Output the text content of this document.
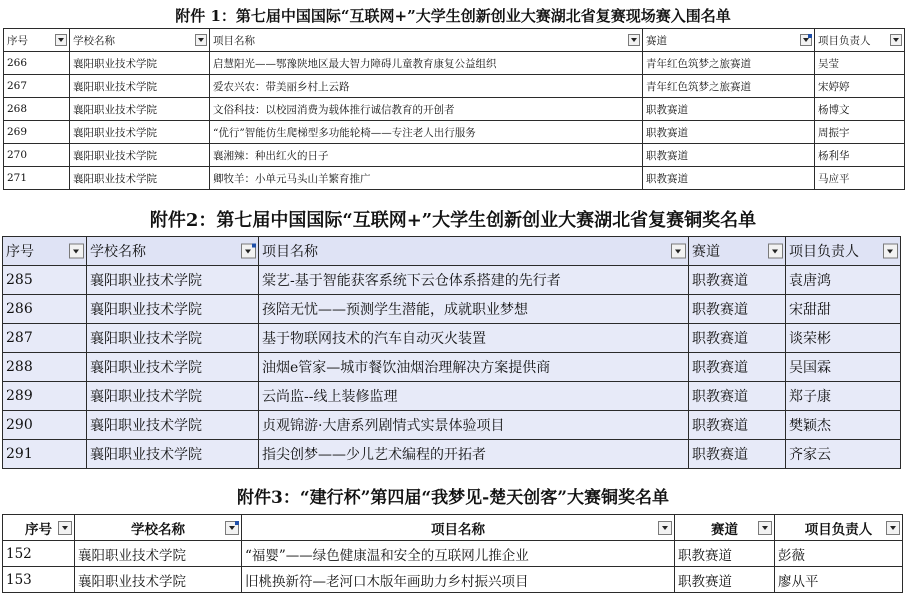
附件 1：第七届中国国际“互联网+”大学生创新创业大赛湖北省复赛现场赛入围名单
序号	学校名称	项目名称	赛道	项目负责人

266	襄阳职业技术学院	启慧阳光——鄂豫陕地区最大智力障碍儿童教育康复公益组织	青年红色筑梦之旅赛道	吴莹
267	襄阳职业技术学院	爱农兴农：带美丽乡村上云路	青年红色筑梦之旅赛道	宋婷婷
268	襄阳职业技术学院	文俗科技：以校园消费为载体推行诚信教育的开创者	职教赛道	杨博文
269	襄阳职业技术学院	“优行”智能仿生爬梯型多功能轮椅——专注老人出行服务	职教赛道	周振宇
270	襄阳职业技术学院	襄湘辣：种出红火的日子	职教赛道	杨利华
271	襄阳职业技术学院	卿牧羊：小单元马头山羊繁育推广	职教赛道	马应平
附件2：第七届中国国际“互联网+”大学生创新创业大赛湖北省复赛铜奖名单
序号	学校名称	项目名称	赛道	项目负责人

285	襄阳职业技术学院	棠艺-基于智能获客系统下云仓体系搭建的先行者	职教赛道	袁唐鸿
286	襄阳职业技术学院	孩陪无忧——预测学生潜能，成就职业梦想	职教赛道	宋甜甜
287	襄阳职业技术学院	基于物联网技术的汽车自动灭火装置	职教赛道	谈荣彬
288	襄阳职业技术学院	油烟e管家—城市餐饮油烟治理解决方案提供商	职教赛道	吴国霖
289	襄阳职业技术学院	云尚监--线上装修监理	职教赛道	郑子康
290	襄阳职业技术学院	贞观锦游·大唐系列剧情式实景体验项目	职教赛道	樊颖杰
291	襄阳职业技术学院	指尖创梦——少儿艺术编程的开拓者	职教赛道	齐家云
附件3：“建行杯”第四届“我梦见-楚天创客”大赛铜奖名单
序号	学校名称	项目名称	赛道	项目负责人

152	襄阳职业技术学院	“福婴”——绿色健康温和安全的互联网儿推企业	职教赛道	彭薇
153	襄阳职业技术学院	旧桃换新符—老河口木版年画助力乡村振兴项目	职教赛道	廖从平
